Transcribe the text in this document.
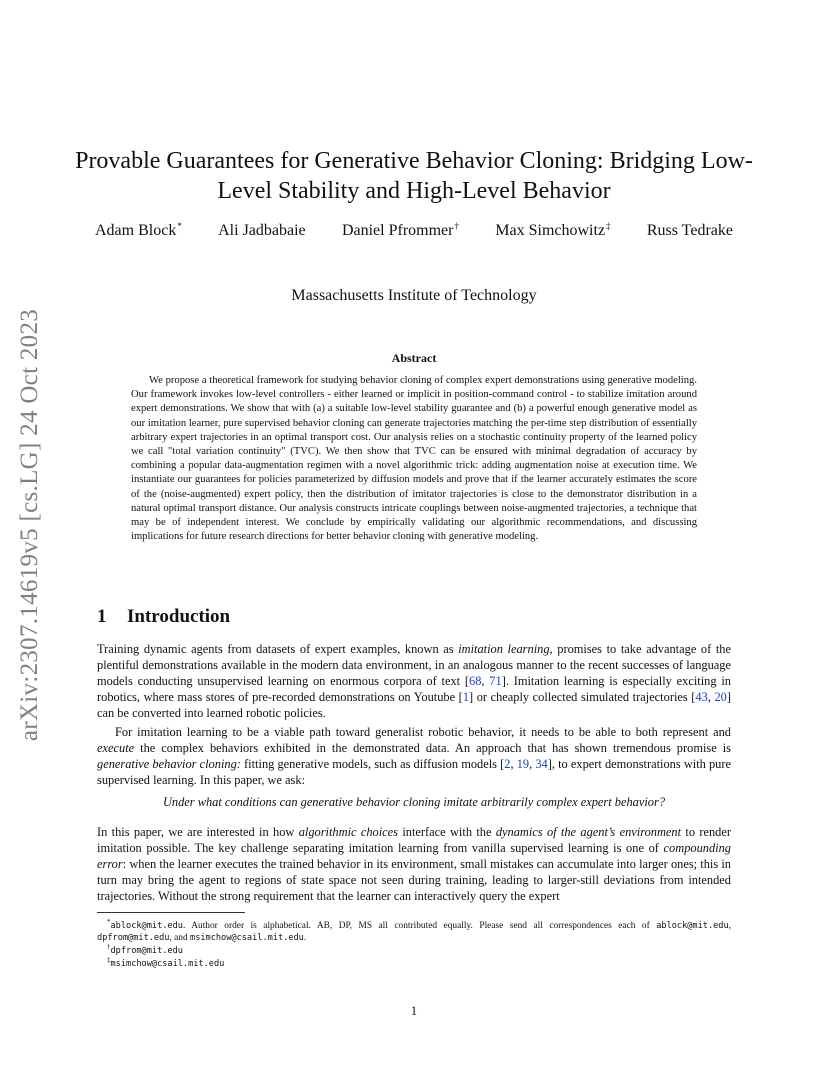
arXiv:2307.14619v5 [cs.LG] 24 Oct 2023
Provable Guarantees for Generative Behavior Cloning: Bridging Low-Level Stability and High-Level Behavior
Adam Block* Ali Jadbabaie Daniel Pfrommer† Max Simchowitz‡ Russ Tedrake
Massachusetts Institute of Technology
Abstract
We propose a theoretical framework for studying behavior cloning of complex expert demonstrations using generative modeling. Our framework invokes low-level controllers - either learned or implicit in position-command control - to stabilize imitation around expert demonstrations. We show that with (a) a suitable low-level stability guarantee and (b) a powerful enough generative model as our imitation learner, pure supervised behavior cloning can generate trajectories matching the per-time step distribution of essentially arbitrary expert trajectories in an optimal transport cost. Our analysis relies on a stochastic continuity property of the learned policy we call "total variation continuity" (TVC). We then show that TVC can be ensured with minimal degradation of accuracy by combining a popular data-augmentation regimen with a novel algorithmic trick: adding augmentation noise at execution time. We instantiate our guarantees for policies parameterized by diffusion models and prove that if the learner accurately estimates the score of the (noise-augmented) expert policy, then the distribution of imitator trajectories is close to the demonstrator distribution in a natural optimal transport distance. Our analysis constructs intricate couplings between noise-augmented trajectories, a technique that may be of independent interest. We conclude by empirically validating our algorithmic recommendations, and discussing implications for future research directions for better behavior cloning with generative modeling.
1 Introduction
Training dynamic agents from datasets of expert examples, known as imitation learning, promises to take advantage of the plentiful demonstrations available in the modern data environment, in an analogous manner to the recent successes of language models conducting unsupervised learning on enormous corpora of text [68, 71]. Imitation learning is especially exciting in robotics, where mass stores of pre-recorded demonstrations on Youtube [1] or cheaply collected simulated trajectories [43, 20] can be converted into learned robotic policies.
For imitation learning to be a viable path toward generalist robotic behavior, it needs to be able to both represent and execute the complex behaviors exhibited in the demonstrated data. An approach that has shown tremendous promise is generative behavior cloning: fitting generative models, such as diffusion models [2, 19, 34], to expert demonstrations with pure supervised learning. In this paper, we ask:
Under what conditions can generative behavior cloning imitate arbitrarily complex expert behavior?
In this paper, we are interested in how algorithmic choices interface with the dynamics of the agent’s environment to render imitation possible. The key challenge separating imitation learning from vanilla supervised learning is one of compounding error: when the learner executes the trained behavior in its environment, small mistakes can accumulate into larger ones; this in turn may bring the agent to regions of state space not seen during training, leading to larger-still deviations from intended trajectories. Without the strong requirement that the learner can interactively query the expert
*ablock@mit.edu. Author order is alphabetical. AB, DP, MS all contributed equally. Please send all correspondences each of ablock@mit.edu, dpfrom@mit.edu, and msimchow@csail.mit.edu.
†dpfrom@mit.edu
‡msimchow@csail.mit.edu
1
